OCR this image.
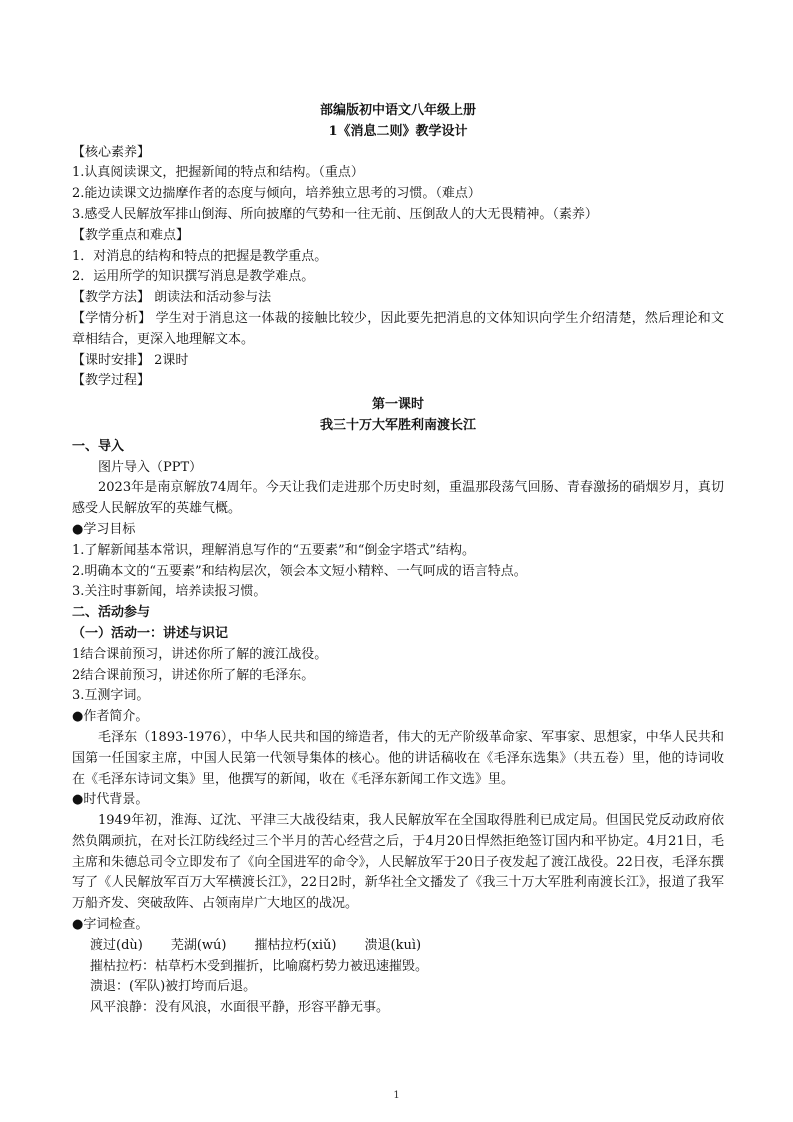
部编版初中语文八年级上册

1《消息二则》教学设计

【核心素养】

1.认真阅读课文，把握新闻的特点和结构。（重点）

2.能边读课文边揣摩作者的态度与倾向，培养独立思考的习惯。（难点）

3.感受人民解放军排山倒海、所向披靡的气势和一往无前、压倒敌人的大无畏精神。（素养）

【教学重点和难点】

1．对消息的结构和特点的把握是教学重点。

2．运用所学的知识撰写消息是教学难点。

【教学方法】 朗读法和活动参与法

【学情分析】 学生对于消息这一体裁的接触比较少，因此要先把消息的文体知识向学生介绍清楚，然后理论和文章相结合，更深入地理解文本。

【课时安排】 2课时

【教学过程】

第一课时

我三十万大军胜利南渡长江

一、导入

图片导入（PPT）

2023年是南京解放74周年。今天让我们走进那个历史时刻，重温那段荡气回肠、青春激扬的硝烟岁月，真切感受人民解放军的英雄气概。

●学习目标

1.了解新闻基本常识，理解消息写作的“五要素”和“倒金字塔式”结构。

2.明确本文的“五要素”和结构层次，领会本文短小精粹、一气呵成的语言特点。

3.关注时事新闻，培养读报习惯。

二、活动参与

（一）活动一：讲述与识记

1结合课前预习，讲述你所了解的渡江战役。

2结合课前预习，讲述你所了解的毛泽东。

3.互测字词。

●作者简介。

毛泽东（1893-1976），中华人民共和国的缔造者，伟大的无产阶级革命家、军事家、思想家，中华人民共和国第一任国家主席，中国人民第一代领导集体的核心。他的讲话稿收在《毛泽东选集》（共五卷）里，他的诗词收在《毛泽东诗词文集》里，他撰写的新闻，收在《毛泽东新闻工作文选》里。

●时代背景。

1949年初，淮海、辽沈、平津三大战役结束，我人民解放军在全国取得胜利已成定局。但国民党反动政府依然负隅顽抗，在对长江防线经过三个半月的苦心经营之后，于4月20日悍然拒绝签订国内和平协定。4月21日，毛主席和朱德总司令立即发布了《向全国进军的命令》，人民解放军于20日子夜发起了渡江战役。22日夜，毛泽东撰写了《人民解放军百万大军横渡长江》，22日2时，新华社全文播发了《我三十万大军胜利南渡长江》，报道了我军万船齐发、突破敌阵、占领南岸广大地区的战况。

●字词检查。

渡过(dù) 芜湖(wú) 摧枯拉朽(xiǔ) 溃退(kuì)

摧枯拉朽：枯草朽木受到摧折，比喻腐朽势力被迅速摧毁。

溃退：(军队)被打垮而后退。

风平浪静：没有风浪，水面很平静，形容平静无事。

1
